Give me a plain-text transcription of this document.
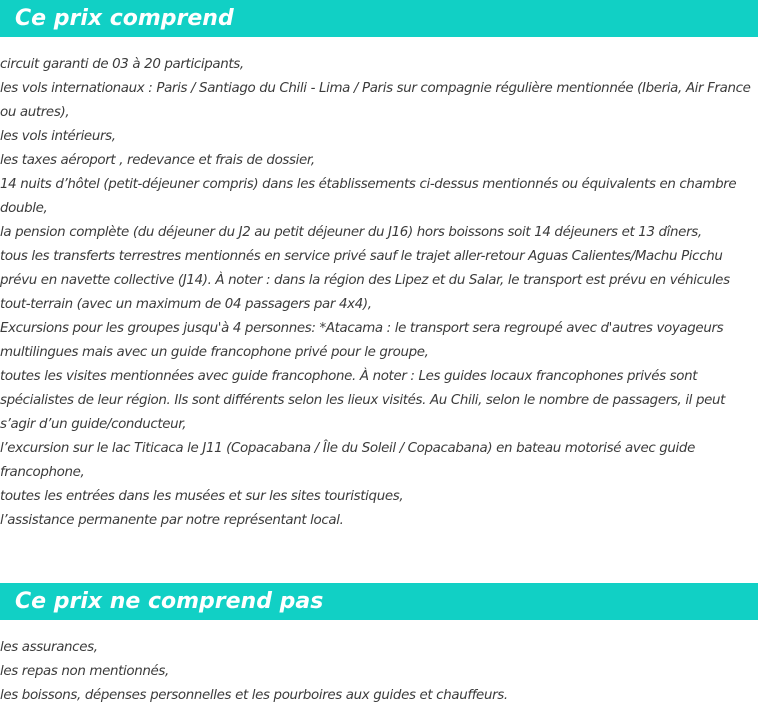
Ce prix comprend
circuit garanti de 03 à 20 participants,
les vols internationaux : Paris / Santiago du Chili - Lima / Paris sur compagnie régulière mentionnée (Iberia, Air France ou autres),
les vols intérieurs,
les taxes aéroport , redevance et frais de dossier,
14 nuits d’hôtel (petit-déjeuner compris) dans les établissements ci-dessus mentionnés ou équivalents en chambre double,
la pension complète (du déjeuner du J2 au petit déjeuner du J16) hors boissons soit 14 déjeuners et 13 dîners,
tous les transferts terrestres mentionnés en service privé sauf le trajet aller-retour Aguas Calientes/Machu Picchu prévu en navette collective (J14). À noter : dans la région des Lipez et du Salar, le transport est prévu en véhicules tout-terrain (avec un maximum de 04 passagers par 4x4),
Excursions pour les groupes jusqu'à 4 personnes: *Atacama : le transport sera regroupé avec d'autres voyageurs multilingues mais avec un guide francophone privé pour le groupe,
toutes les visites mentionnées avec guide francophone. À noter : Les guides locaux francophones privés sont spécialistes de leur région. Ils sont différents selon les lieux visités. Au Chili, selon le nombre de passagers, il peut s’agir d’un guide/conducteur,
l’excursion sur le lac Titicaca le J11 (Copacabana / Île du Soleil / Copacabana) en bateau motorisé avec guide francophone,
toutes les entrées dans les musées et sur les sites touristiques,
l’assistance permanente par notre représentant local.
Ce prix ne comprend pas
les assurances,
les repas non mentionnés,
les boissons, dépenses personnelles et les pourboires aux guides et chauffeurs.
